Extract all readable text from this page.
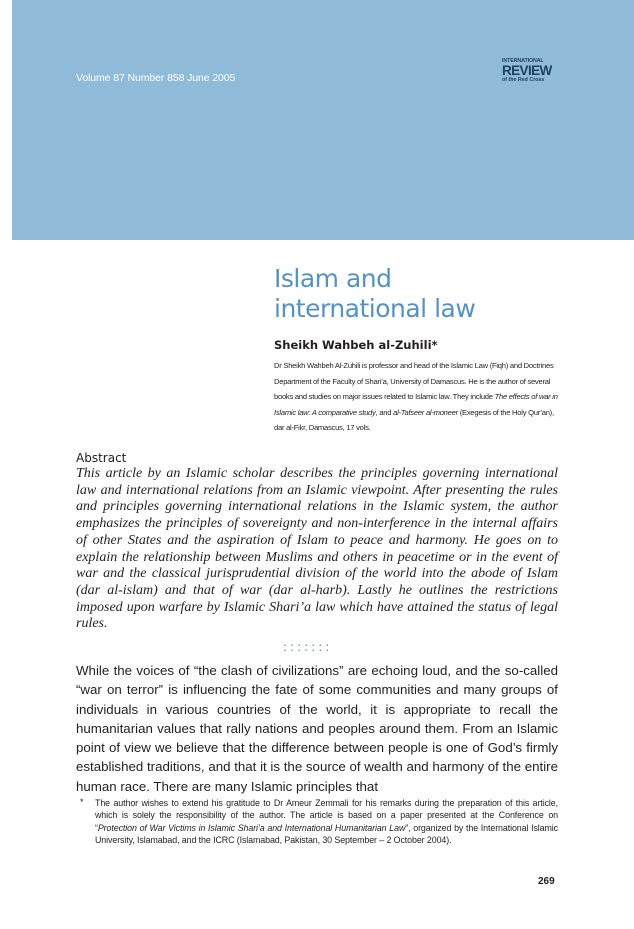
Volume 87 Number 858 June 2005
INTERNATIONAL
REVIEW
of the Red Cross
Islam and
international law
Sheikh Wahbeh al-Zuhili*
Dr Sheikh Wahbeh Al-Zuhili is professor and head of the Islamic Law (Fiqh) and Doctrines Department of the Faculty of Shari’a, University of Damascus. He is the author of several books and studies on major issues related to Islamic law. They include The effects of war in Islamic law: A comparative study, and al-Tafseer al-moneer (Exegesis of the Holy Qur’an), dar al-Fikr, Damascus, 17 vols.
Abstract
This article by an Islamic scholar describes the principles governing international law and international relations from an Islamic viewpoint. After presenting the rules and principles governing international relations in the Islamic system, the author emphasizes the principles of sovereignty and non-interference in the internal affairs of other States and the aspiration of Islam to peace and harmony. He goes on to explain the relationship between Muslims and others in peacetime or in the event of war and the classical jurisprudential division of the world into the abode of Islam (dar al-islam) and that of war (dar al-harb). Lastly he outlines the restrictions imposed upon warfare by Islamic Shari’a law which have attained the status of legal rules.
:::::::
While the voices of “the clash of civilizations” are echoing loud, and the so-called “war on terror” is influencing the fate of some communities and many groups of individuals in various countries of the world, it is appropriate to recall the humanitarian values that rally nations and peoples around them. From an Islamic point of view we believe that the difference between people is one of God’s firmly established traditions, and that it is the source of wealth and harmony of the entire human race. There are many Islamic principles that
* The author wishes to extend his gratitude to Dr Ameur Zemmali for his remarks during the preparation of this article, which is solely the responsibility of the author. The article is based on a paper presented at the Conference on “Protection of War Victims in Islamic Shari’a and International Humanitarian Law”, organized by the International Islamic University, Islamabad, and the ICRC (Islamabad, Pakistan, 30 September – 2 October 2004).
269
